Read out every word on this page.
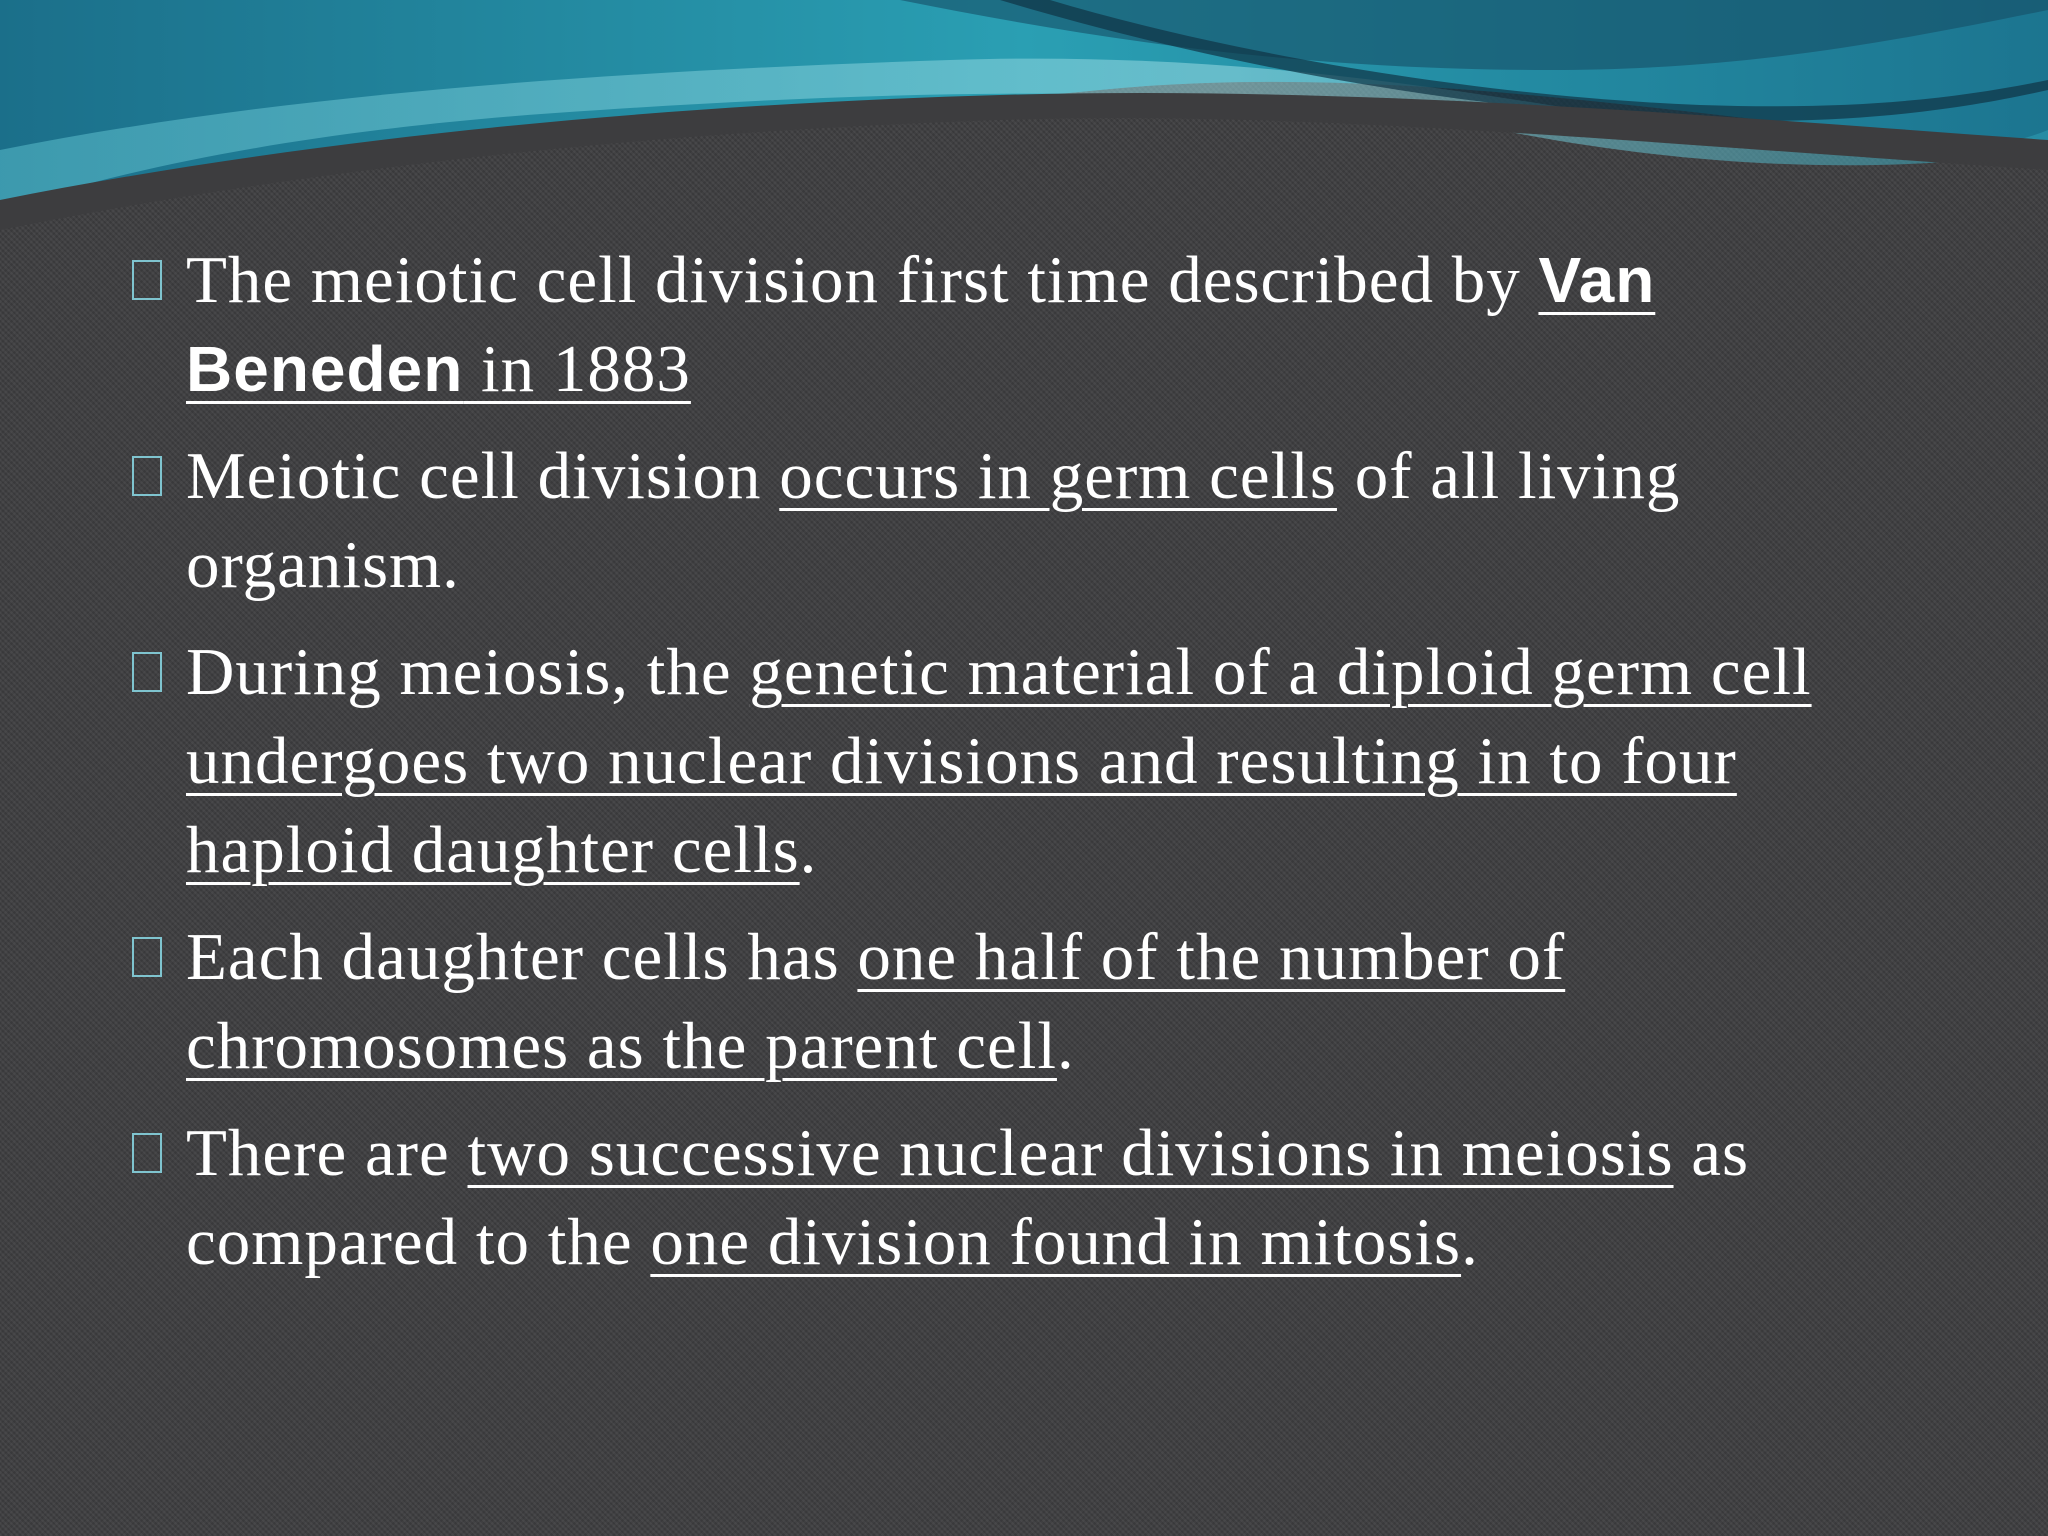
The meiotic cell division first time described by Van Beneden in 1883
Meiotic cell division occurs in germ cells of all living organism.
During meiosis, the genetic material of a diploid germ cell undergoes two nuclear divisions and resulting in to four haploid daughter cells.
Each daughter cells has one half of the number of chromosomes as the parent cell.
There are two successive nuclear divisions in meiosis as compared to the one division found in mitosis.
